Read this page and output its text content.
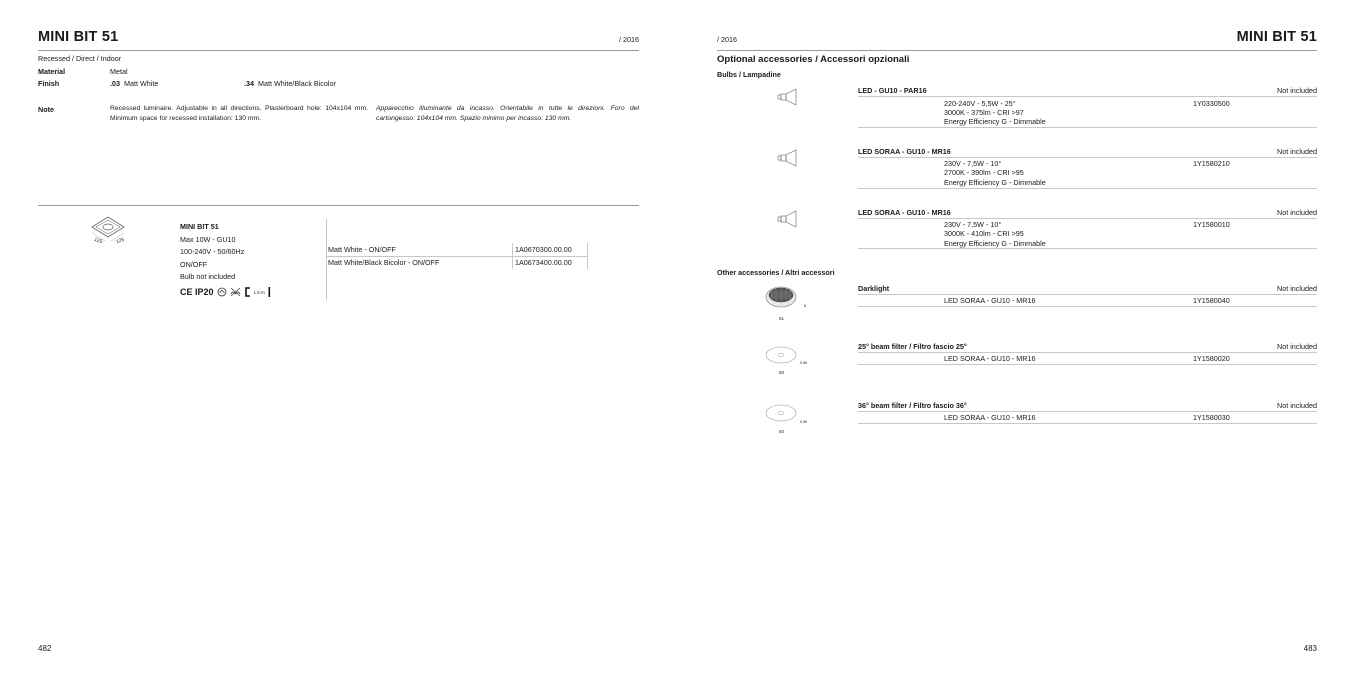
MINI BIT 51	/ 2016
Recessed / Direct / Indoor
Material	Metal
Finish	.03 Matt White	.34 Matt White/Black Bicolor
Note	Recessed luminaire. Adjustable in all directions. Plasterboard hole: 104x104 mm. Minimum space for recessed installation: 130 mm.
Apparecchio illuminante da incasso. Orientabile in tutte le direzioni. Foro del cartongesso: 104x104 mm. Spazio minimo per incasso: 130 mm.
125 125
MINI BIT 51
Max 10W - GU10
100-240V - 50/60Hz
ON/OFF
Bulb not included
CE IP20	1.5 m
Matt White - ON/OFF	1A0670300.00.00
Matt White/Black Bicolor - ON/OFF	1A0673400.00.00
482
/ 2016	MINI BIT 51
Optional accessories / Accessori opzionali
Bulbs / Lampadine
LED - GU10 - PAR16	Not included
220-240V - 5,5W - 25°
3000K - 375lm - CRI >97
Energy Efficiency G - Dimmable
1Y0330500
LED SORAA - GU10 - MR16	Not included
230V - 7,5W - 10°
2700K - 390lm - CRI >95
Energy Efficiency G - Dimmable
1Y1580210
LED SORAA - GU10 - MR16	Not included
230V - 7,5W - 10°
3000K - 410lm - CRI >95
Energy Efficiency G - Dimmable
1Y1580010
Other accessories / Altri accessori
51
8
Darklight	Not included
LED SORAA - GU10 - MR16	1Y1580040
50
0.96
25° beam filter / Filtro fascio 25°	Not included
LED SORAA - GU10 - MR16	1Y1580020
50
0.96
36° beam filter / Filtro fascio 36°	Not included
LED SORAA - GU10 - MR16	1Y1580030
483
